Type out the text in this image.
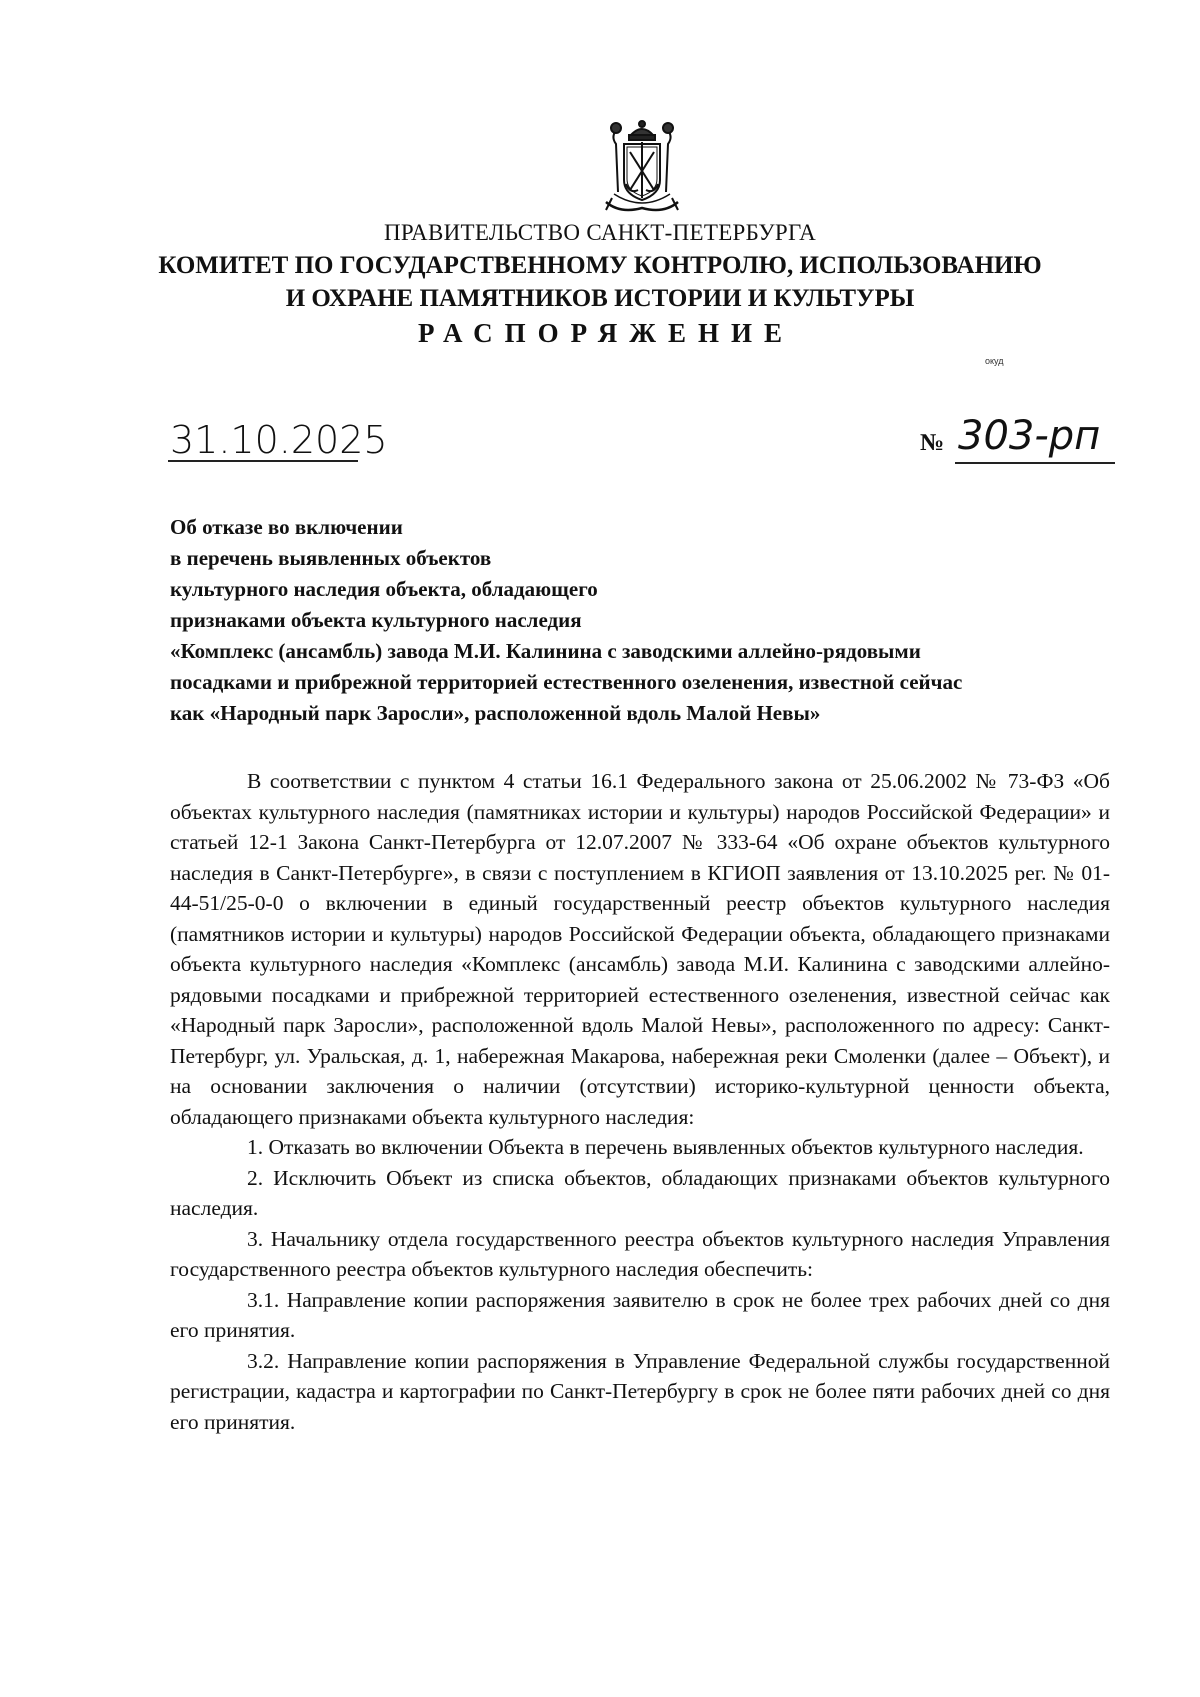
ПРАВИТЕЛЬСТВО САНКТ-ПЕТЕРБУРГА
КОМИТЕТ ПО ГОСУДАРСТВЕННОМУ КОНТРОЛЮ, ИСПОЛЬЗОВАНИЮ
И ОХРАНЕ ПАМЯТНИКОВ ИСТОРИИ И КУЛЬТУРЫ
РАСПОРЯЖЕНИЕ
окуд
31.10.2025	№ 303-рп
Об отказе во включении
в перечень выявленных объектов
культурного наследия объекта, обладающего
признаками объекта культурного наследия
«Комплекс (ансамбль) завода М.И. Калинина с заводскими аллейно-рядовыми
посадками и прибрежной территорией естественного озеленения, известной сейчас
как «Народный парк Заросли», расположенной вдоль Малой Невы»

В соответствии с пунктом 4 статьи 16.1 Федерального закона от 25.06.2002 № 73-ФЗ «Об объектах культурного наследия (памятниках истории и культуры) народов Российской Федерации» и статьей 12-1 Закона Санкт-Петербурга от 12.07.2007 № 333-64 «Об охране объектов культурного наследия в Санкт-Петербурге», в связи с поступлением в КГИОП заявления от 13.10.2025 рег. № 01-44-51/25-0-0 о включении в единый государственный реестр объектов культурного наследия (памятников истории и культуры) народов Российской Федерации объекта, обладающего признаками объекта культурного наследия «Комплекс (ансамбль) завода М.И. Калинина с заводскими аллейно-рядовыми посадками и прибрежной территорией естественного озеленения, известной сейчас как «Народный парк Заросли», расположенной вдоль Малой Невы», расположенного по адресу: Санкт-Петербург, ул. Уральская, д. 1, набережная Макарова, набережная реки Смоленки (далее – Объект), и на основании заключения о наличии (отсутствии) историко-культурной ценности объекта, обладающего признаками объекта культурного наследия:

1. Отказать во включении Объекта в перечень выявленных объектов культурного наследия.

2. Исключить Объект из списка объектов, обладающих признаками объектов культурного наследия.

3. Начальнику отдела государственного реестра объектов культурного наследия Управления государственного реестра объектов культурного наследия обеспечить:

3.1. Направление копии распоряжения заявителю в срок не более трех рабочих дней со дня его принятия.

3.2. Направление копии распоряжения в Управление Федеральной службы государственной регистрации, кадастра и картографии по Санкт-Петербургу в срок не более пяти рабочих дней со дня его принятия.
